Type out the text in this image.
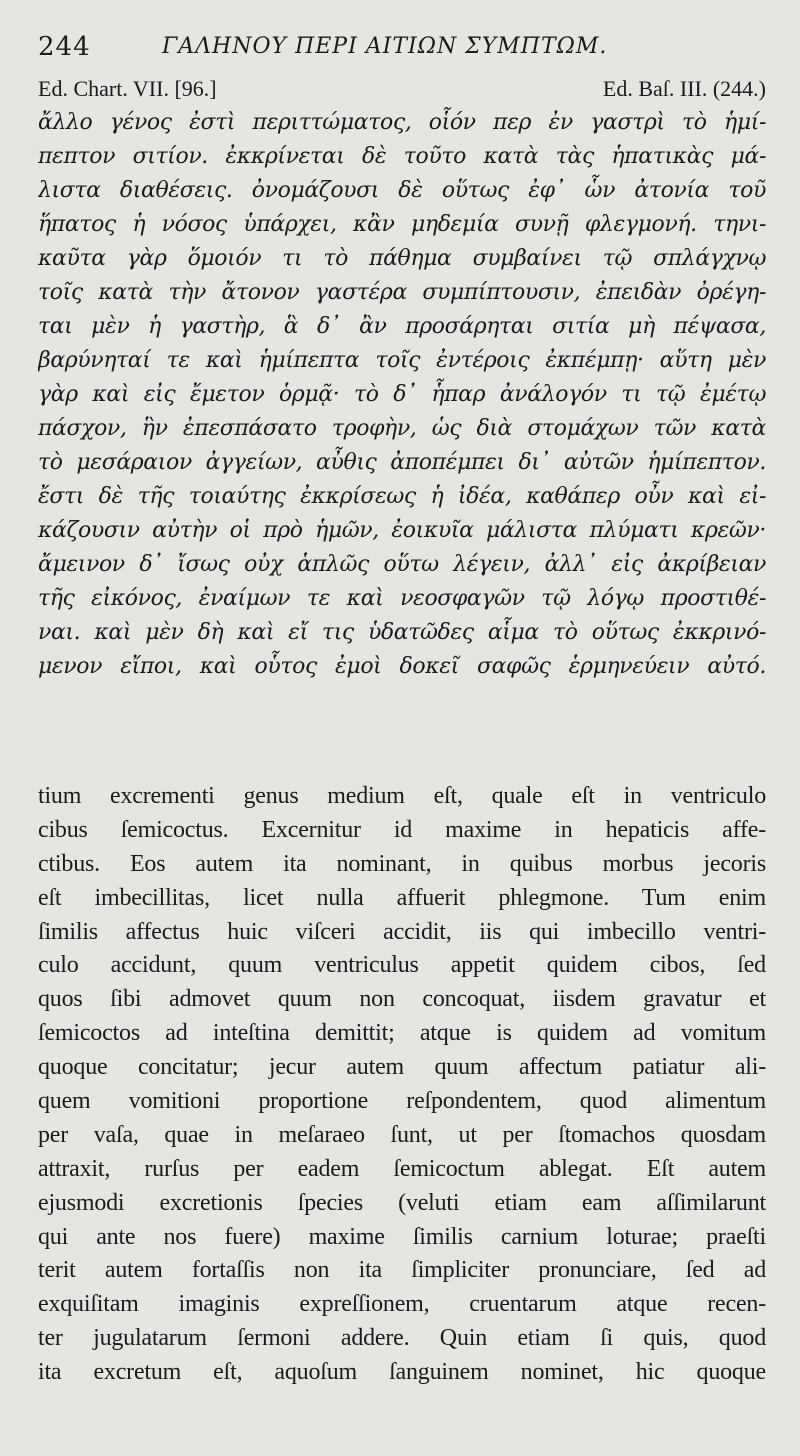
244	ΓΑΛΗΝΟΥ ΠΕΡΙ ΑΙΤΙΩΝ ΣΥΜΠΤΩΜ.
Ed. Chart. VII. [96.]	Ed. Baſ. III. (244.)
ἄλλο γένος ἐστὶ περιττώματος, οἷόν περ ἐν γαστρὶ τὸ ἡμί-
πεπτον σιτίον. ἐκκρίνεται δὲ τοῦτο κατὰ τὰς ἡπατικὰς μά-
λιστα διαθέσεις. ὀνομάζουσι δὲ οὕτως ἐφ᾽ ὧν ἀτονία τοῦ
ἥπατος ἡ νόσος ὑπάρχει, κἂν μηδεμία συνῇ φλεγμονή. τηνι-
καῦτα γὰρ ὅμοιόν τι τὸ πάθημα συμβαίνει τῷ σπλάγχνῳ
τοῖς κατὰ τὴν ἄτονον γαστέρα συμπίπτουσιν, ἐπειδὰν ὀρέγη-
ται μὲν ἡ γαστὴρ, ἃ δ᾽ ἂν προσάρηται σιτία μὴ πέψασα,
βαρύνηταί τε καὶ ἡμίπεπτα τοῖς ἐντέροις ἐκπέμπῃ· αὕτη μὲν
γὰρ καὶ εἰς ἔμετον ὁρμᾷ· τὸ δ᾽ ἧπαρ ἀνάλογόν τι τῷ ἐμέτῳ
πάσχον, ἣν ἐπεσπάσατο τροφὴν, ὡς διὰ στομάχων τῶν κατὰ
τὸ μεσάραιον ἀγγείων, αὖθις ἀποπέμπει δι᾽ αὐτῶν ἡμίπεπτον.
ἔστι δὲ τῆς τοιαύτης ἐκκρίσεως ἡ ἰδέα, καθάπερ οὖν καὶ εἰ-
κάζουσιν αὐτὴν οἱ πρὸ ἡμῶν, ἐοικυῖα μάλιστα πλύματι κρεῶν·
ἄμεινον δ᾽ ἴσως οὐχ ἁπλῶς οὕτω λέγειν, ἀλλ᾽ εἰς ἀκρίβειαν
τῆς εἰκόνος, ἐναίμων τε καὶ νεοσφαγῶν τῷ λόγῳ προστιθέ-
ναι. καὶ μὲν δὴ καὶ εἴ τις ὑδατῶδες αἷμα τὸ οὕτως ἐκκρινό-
μενον εἴποι, καὶ οὗτος ἐμοὶ δοκεῖ σαφῶς ἑρμηνεύειν αὐτό.
tium excrementi genus medium eſt, quale eſt in ventriculo
cibus ſemicoctus. Excernitur id maxime in hepaticis affe-
ctibus. Eos autem ita nominant, in quibus morbus jecoris
eſt imbecillitas, licet nulla affuerit phlegmone. Tum enim
ſimilis affectus huic viſceri accidit, iis qui imbecillo ventri-
culo accidunt, quum ventriculus appetit quidem cibos, ſed
quos ſibi admovet quum non concoquat, iisdem gravatur et
ſemicoctos ad inteſtina demittit; atque is quidem ad vomitum
quoque concitatur; jecur autem quum affectum patiatur ali-
quem vomitioni proportione reſpondentem, quod alimentum
per vaſa, quae in meſaraeo ſunt, ut per ſtomachos quosdam
attraxit, rurſus per eadem ſemicoctum ablegat. Eſt autem
ejusmodi excretionis ſpecies (veluti etiam eam aſſimilarunt
qui ante nos fuere) maxime ſimilis carnium loturae; praeſti
terit autem fortaſſis non ita ſimpliciter pronunciare, ſed ad
exquiſitam imaginis expreſſionem, cruentarum atque recen-
ter jugulatarum ſermoni addere. Quin etiam ſi quis, quod
ita excretum eſt, aquoſum ſanguinem nominet, hic quoque
